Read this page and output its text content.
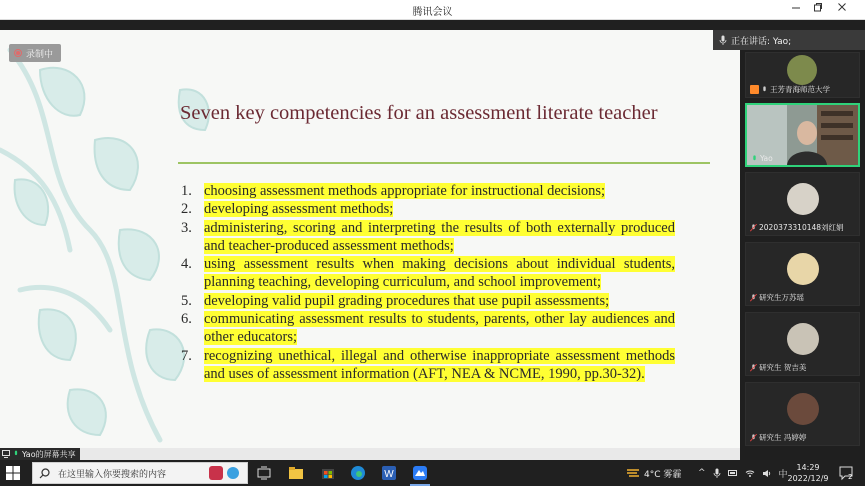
腾讯会议
录制中
Seven key competencies for an assessment literate teacher
1. choosing assessment methods appropriate for instructional decisions;
2. developing assessment methods;
3. administering, scoring and interpreting the results of both externally produced and teacher-produced assessment methods;
4. using assessment results when making decisions about individual students, planning teaching, developing curriculum, and school improvement;
5. developing valid pupil grading procedures that use pupil assessments;
6. communicating assessment results to students, parents, other lay audiences and other educators;
7. recognizing unethical, illegal and otherwise inappropriate assessment methods and uses of assessment information (AFT, NEA & NCME, 1990, pp.30-32).
正在讲话: Yao;
王芳青海师范大学
Yao
2020373310148刘红娟
研究生万苏瑶
研究生 贺吉美
研究生 冯婷婷
Yao的屏幕共享
在这里输入你要搜索的内容	W	4°C 雾霾 ^	中
14:29
2022/12/9	2
